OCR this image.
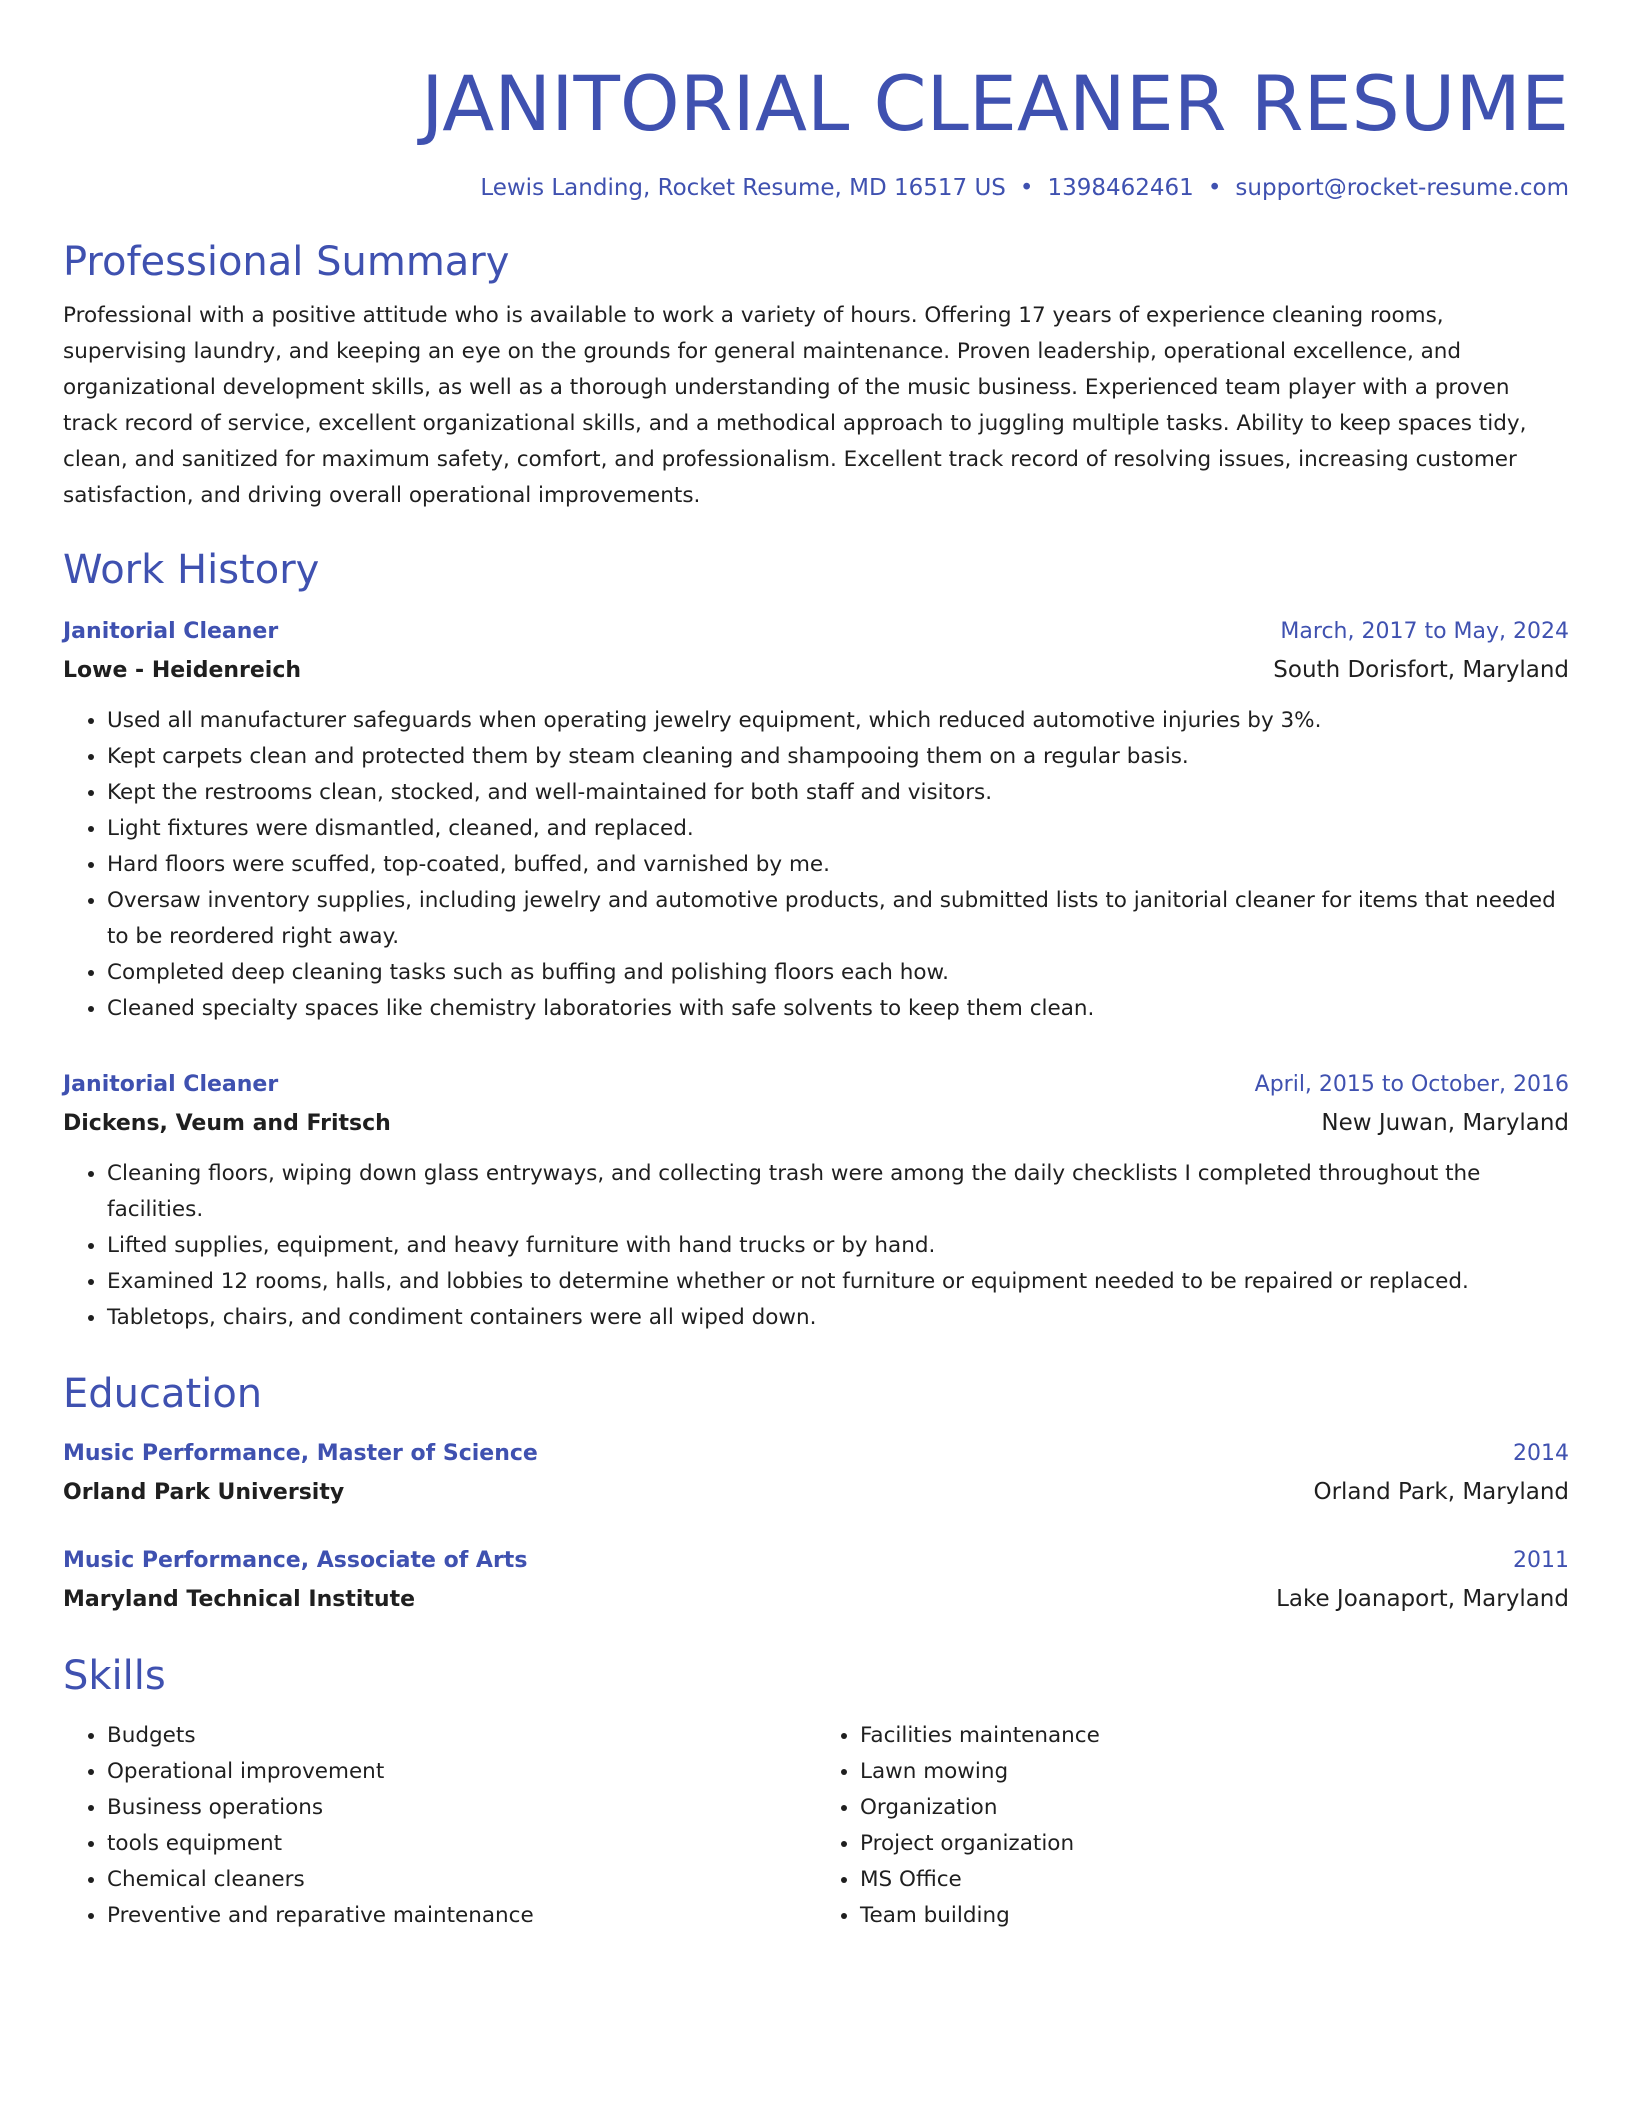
JANITORIAL CLEANER RESUME
Lewis Landing, Rocket Resume, MD 16517 US • 1398462461 • support@rocket-resume.com
Professional Summary

Professional with a positive attitude who is available to work a variety of hours. Offering 17 years of experience cleaning rooms, supervising laundry, and keeping an eye on the grounds for general maintenance. Proven leadership, operational excellence, and organizational development skills, as well as a thorough understanding of the music business. Experienced team player with a proven track record of service, excellent organizational skills, and a methodical approach to juggling multiple tasks. Ability to keep spaces tidy, clean, and sanitized for maximum safety, comfort, and professionalism. Excellent track record of resolving issues, increasing customer satisfaction, and driving overall operational improvements.

Work History
Janitorial Cleaner	March, 2017 to May, 2024
Lowe - Heidenreich	South Dorisfort, Maryland
• Used all manufacturer safeguards when operating jewelry equipment, which reduced automotive injuries by 3%.
• Kept carpets clean and protected them by steam cleaning and shampooing them on a regular basis.
• Kept the restrooms clean, stocked, and well-maintained for both staff and visitors.
• Light fixtures were dismantled, cleaned, and replaced.
• Hard floors were scuffed, top-coated, buffed, and varnished by me.
• Oversaw inventory supplies, including jewelry and automotive products, and submitted lists to janitorial cleaner for items that needed to be reordered right away.
• Completed deep cleaning tasks such as buffing and polishing floors each how.
• Cleaned specialty spaces like chemistry laboratories with safe solvents to keep them clean.
Janitorial Cleaner	April, 2015 to October, 2016
Dickens, Veum and Fritsch	New Juwan, Maryland
• Cleaning floors, wiping down glass entryways, and collecting trash were among the daily checklists I completed throughout the facilities.
• Lifted supplies, equipment, and heavy furniture with hand trucks or by hand.
• Examined 12 rooms, halls, and lobbies to determine whether or not furniture or equipment needed to be repaired or replaced.
• Tabletops, chairs, and condiment containers were all wiped down.
Education
Music Performance, Master of Science	2014
Orland Park University	Orland Park, Maryland
Music Performance, Associate of Arts	2011
Maryland Technical Institute	Lake Joanaport, Maryland
Skills
• Budgets
• Operational improvement
• Business operations
• tools equipment
• Chemical cleaners
• Preventive and reparative maintenance
• Facilities maintenance
• Lawn mowing
• Organization
• Project organization
• MS Office
• Team building
